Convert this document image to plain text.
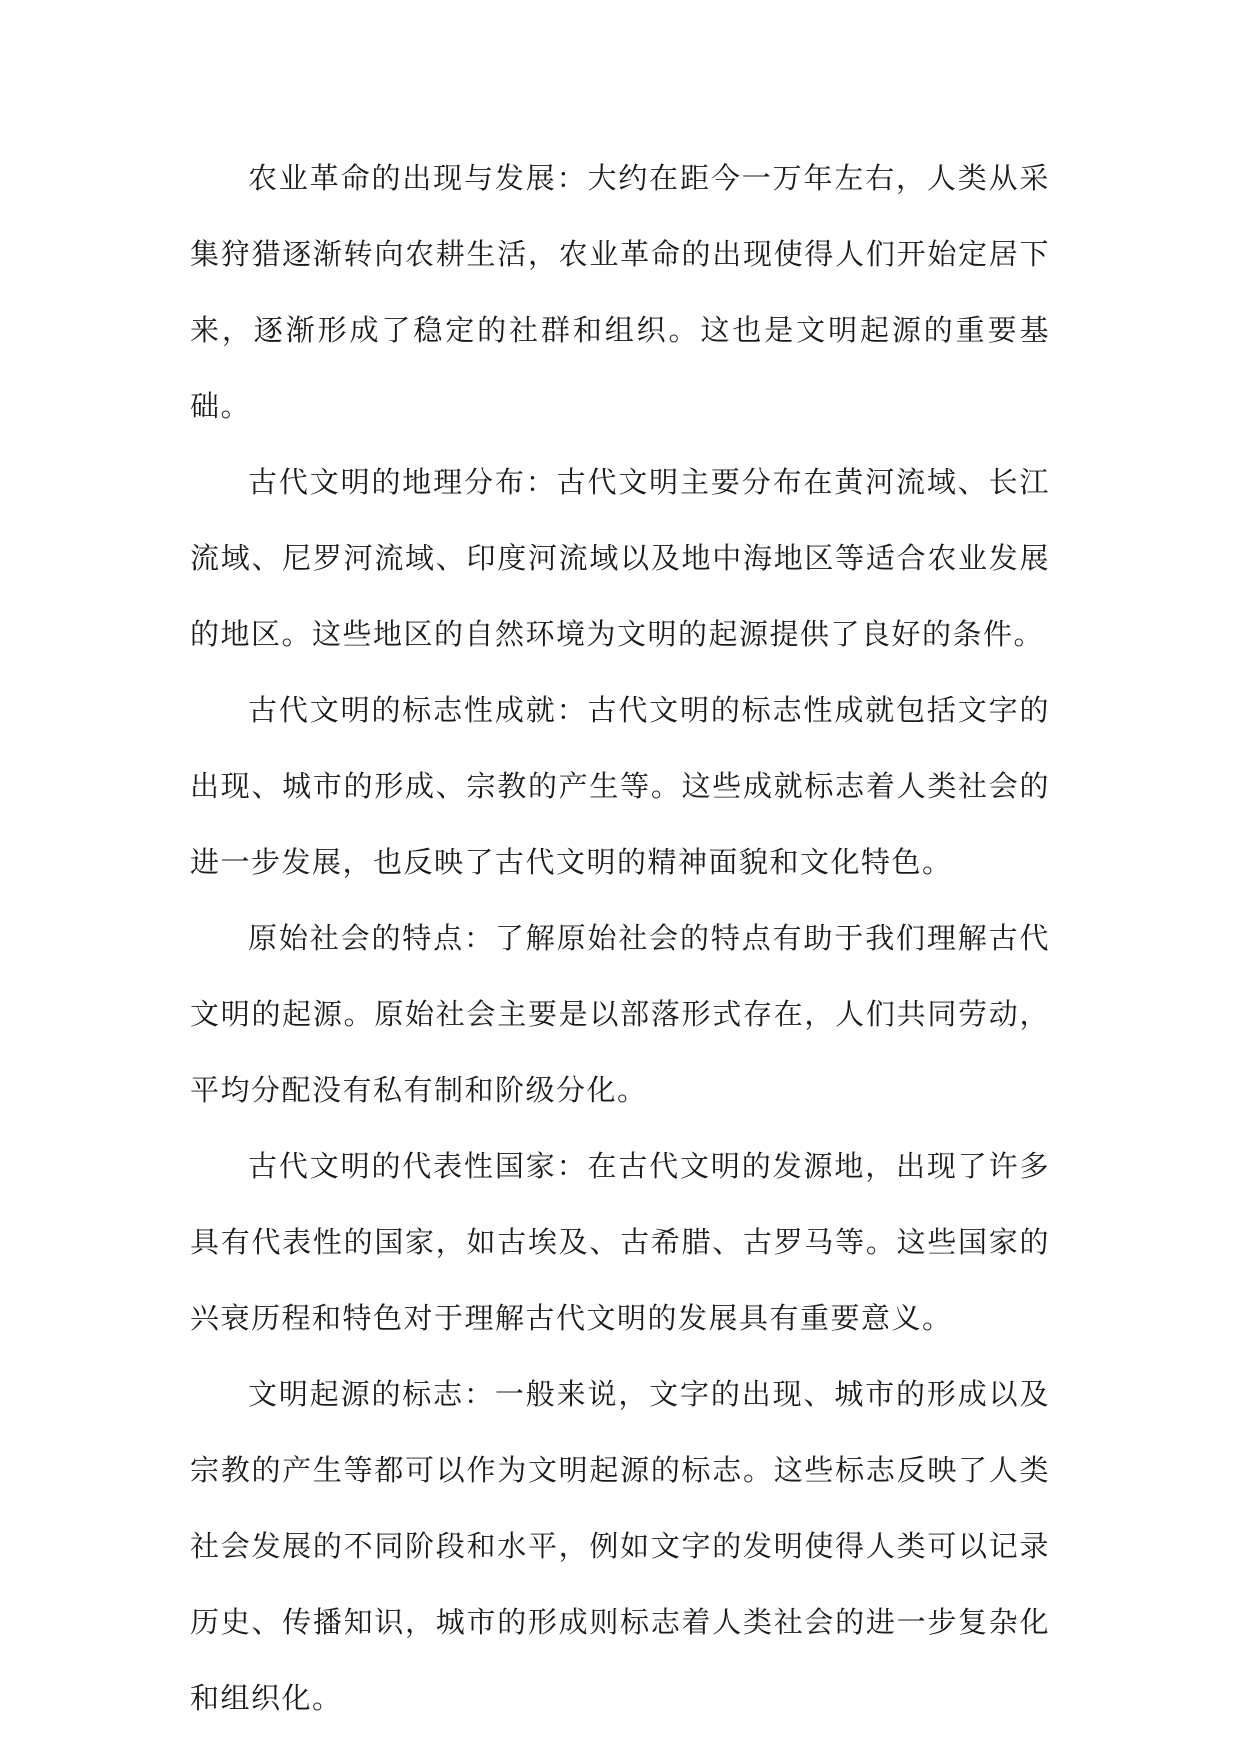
农业革命的出现与发展：大约在距今一万年左右，人类从采集狩猎逐渐转向农耕生活，农业革命的出现使得人们开始定居下来，逐渐形成了稳定的社群和组织。这也是文明起源的重要基础。

古代文明的地理分布：古代文明主要分布在黄河流域、长江流域、尼罗河流域、印度河流域以及地中海地区等适合农业发展的地区。这些地区的自然环境为文明的起源提供了良好的条件。

古代文明的标志性成就：古代文明的标志性成就包括文字的出现、城市的形成、宗教的产生等。这些成就标志着人类社会的进一步发展，也反映了古代文明的精神面貌和文化特色。

原始社会的特点：了解原始社会的特点有助于我们理解古代文明的起源。原始社会主要是以部落形式存在，人们共同劳动，平均分配没有私有制和阶级分化。

古代文明的代表性国家：在古代文明的发源地，出现了许多具有代表性的国家，如古埃及、古希腊、古罗马等。这些国家的兴衰历程和特色对于理解古代文明的发展具有重要意义。

文明起源的标志：一般来说，文字的出现、城市的形成以及宗教的产生等都可以作为文明起源的标志。这些标志反映了人类社会发展的不同阶段和水平，例如文字的发明使得人类可以记录历史、传播知识，城市的形成则标志着人类社会的进一步复杂化和组织化。
